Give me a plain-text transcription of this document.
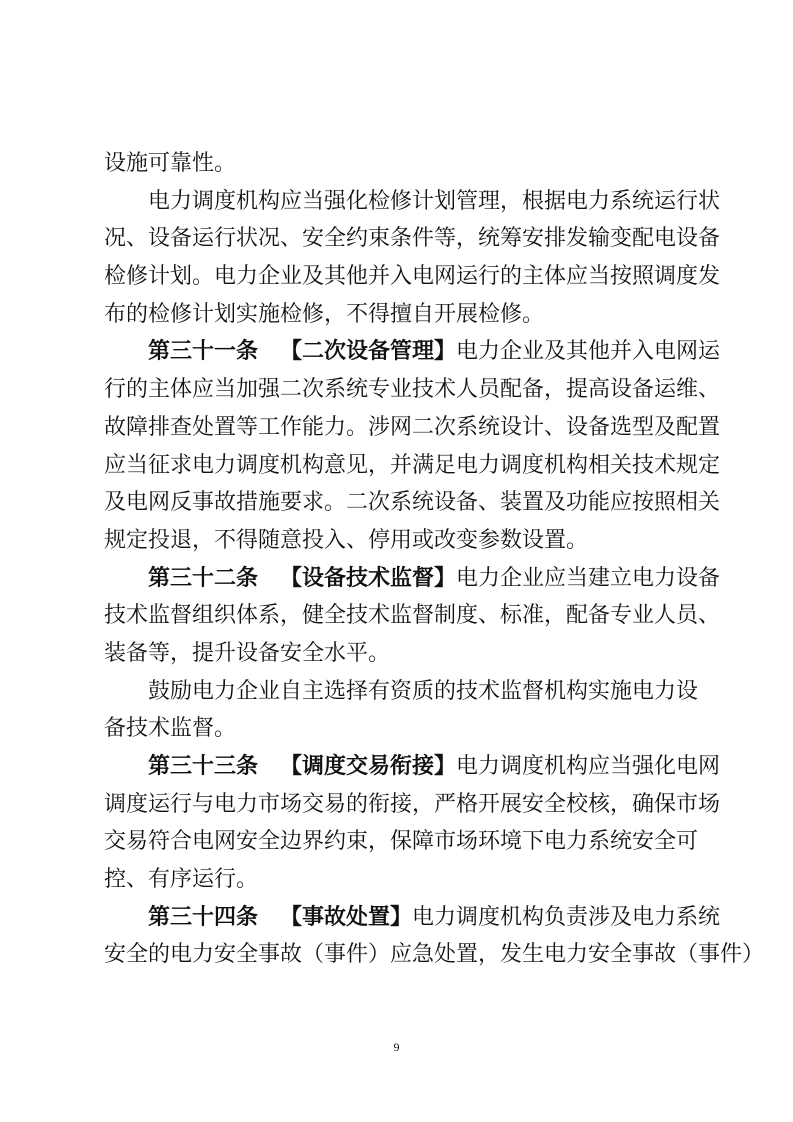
设施可靠性。
电力调度机构应当强化检修计划管理，根据电力系统运行状
况、设备运行状况、安全约束条件等，统筹安排发输变配电设备
检修计划。电力企业及其他并入电网运行的主体应当按照调度发
布的检修计划实施检修，不得擅自开展检修。
第三十一条 【二次设备管理】电力企业及其他并入电网运
行的主体应当加强二次系统专业技术人员配备，提高设备运维、
故障排查处置等工作能力。涉网二次系统设计、设备选型及配置
应当征求电力调度机构意见，并满足电力调度机构相关技术规定
及电网反事故措施要求。二次系统设备、装置及功能应按照相关
规定投退，不得随意投入、停用或改变参数设置。
第三十二条 【设备技术监督】电力企业应当建立电力设备
技术监督组织体系，健全技术监督制度、标准，配备专业人员、
装备等，提升设备安全水平。
鼓励电力企业自主选择有资质的技术监督机构实施电力设
备技术监督。
第三十三条 【调度交易衔接】电力调度机构应当强化电网
调度运行与电力市场交易的衔接，严格开展安全校核，确保市场
交易符合电网安全边界约束，保障市场环境下电力系统安全可
控、有序运行。
第三十四条 【事故处置】电力调度机构负责涉及电力系统
安全的电力安全事故（事件）应急处置，发生电力安全事故（事件）
9
